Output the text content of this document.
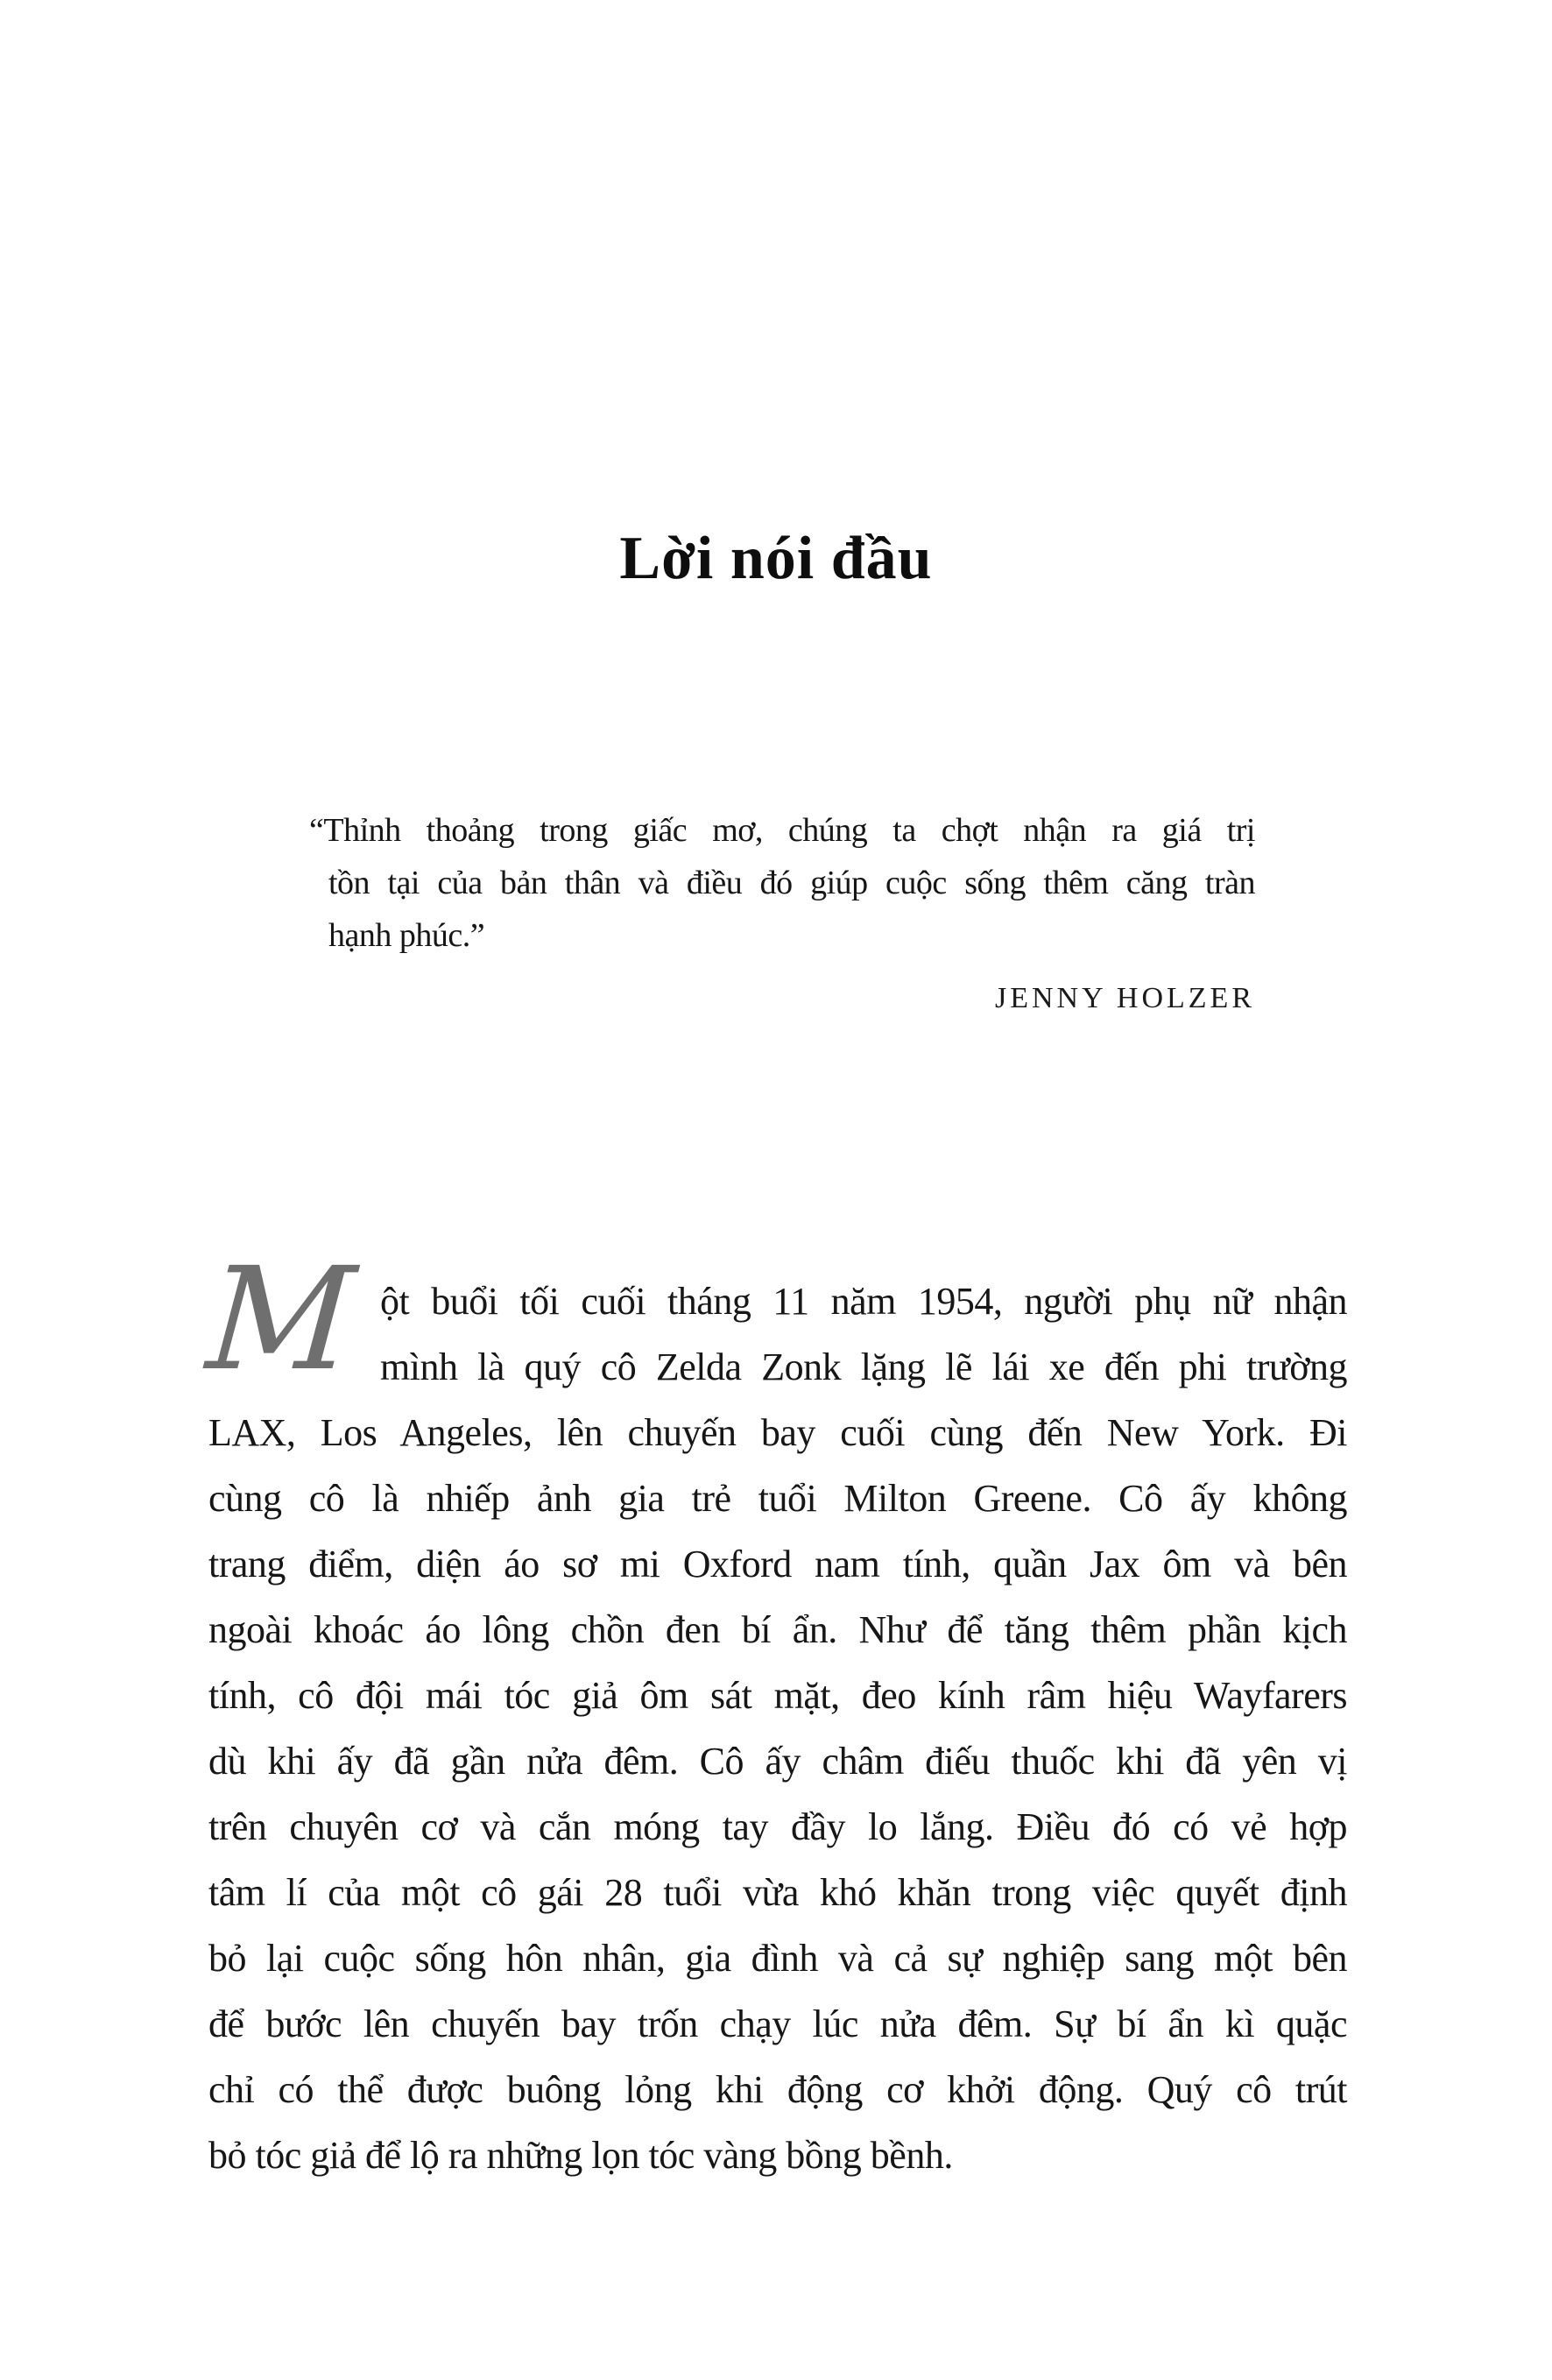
Lời nói đầu
“Thỉnh thoảng trong giấc mơ, chúng ta chợt nhận ra giá trị
tồn tại của bản thân và điều đó giúp cuộc sống thêm căng tràn
hạnh phúc.”
JENNY HOLZER
M ột buổi tối cuối tháng 11 năm 1954, người phụ nữ nhận
mình là quý cô Zelda Zonk lặng lẽ lái xe đến phi trường
LAX, Los Angeles, lên chuyến bay cuối cùng đến New York. Đi
cùng cô là nhiếp ảnh gia trẻ tuổi Milton Greene. Cô ấy không
trang điểm, diện áo sơ mi Oxford nam tính, quần Jax ôm và bên
ngoài khoác áo lông chồn đen bí ẩn. Như để tăng thêm phần kịch
tính, cô đội mái tóc giả ôm sát mặt, đeo kính râm hiệu Wayfarers
dù khi ấy đã gần nửa đêm. Cô ấy châm điếu thuốc khi đã yên vị
trên chuyên cơ và cắn móng tay đầy lo lắng. Điều đó có vẻ hợp
tâm lí của một cô gái 28 tuổi vừa khó khăn trong việc quyết định
bỏ lại cuộc sống hôn nhân, gia đình và cả sự nghiệp sang một bên
để bước lên chuyến bay trốn chạy lúc nửa đêm. Sự bí ẩn kì quặc
chỉ có thể được buông lỏng khi động cơ khởi động. Quý cô trút
bỏ tóc giả để lộ ra những lọn tóc vàng bồng bềnh.
